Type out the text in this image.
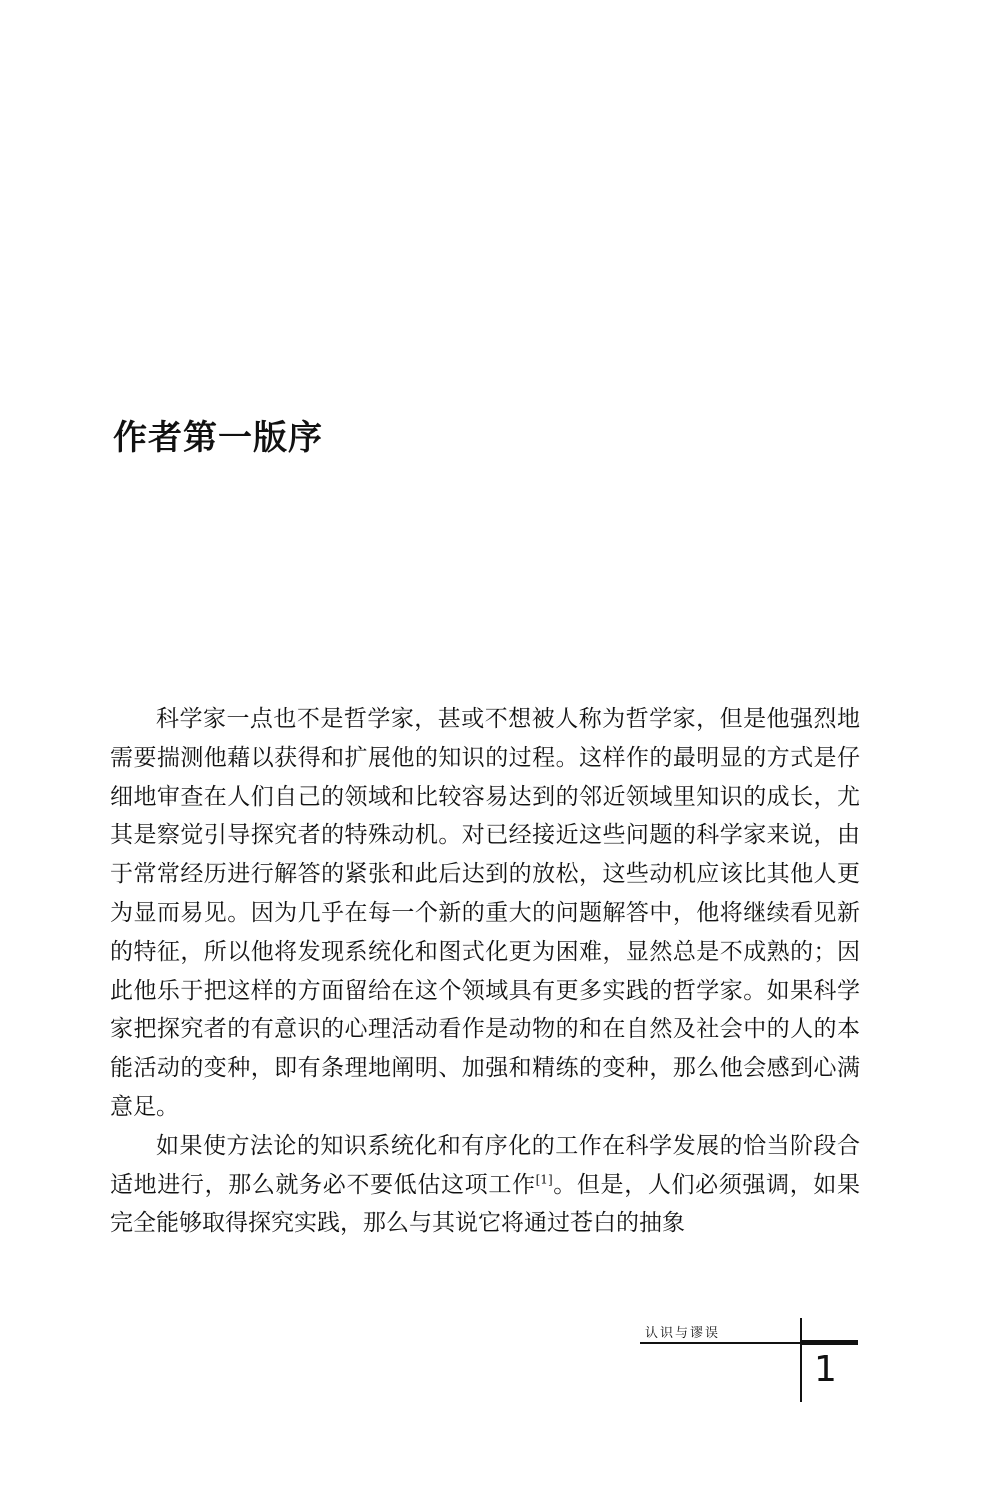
作者第一版序

科学家一点也不是哲学家，甚或不想被人称为哲学家，但是他强烈地需要揣测他藉以获得和扩展他的知识的过程。这样作的最明显的方式是仔细地审查在人们自己的领域和比较容易达到的邻近领域里知识的成长，尤其是察觉引导探究者的特殊动机。对已经接近这些问题的科学家来说，由于常常经历进行解答的紧张和此后达到的放松，这些动机应该比其他人更为显而易见。因为几乎在每一个新的重大的问题解答中，他将继续看见新的特征，所以他将发现系统化和图式化更为困难，显然总是不成熟的；因此他乐于把这样的方面留给在这个领域具有更多实践的哲学家。如果科学家把探究者的有意识的心理活动看作是动物的和在自然及社会中的人的本能活动的变种，即有条理地阐明、加强和精练的变种，那么他会感到心满意足。

如果使方法论的知识系统化和有序化的工作在科学发展的恰当阶段合适地进行，那么就务必不要低估这项工作[1]。但是，人们必须强调，如果完全能够取得探究实践，那么与其说它将通过苍白的抽象

认识与谬误
1
